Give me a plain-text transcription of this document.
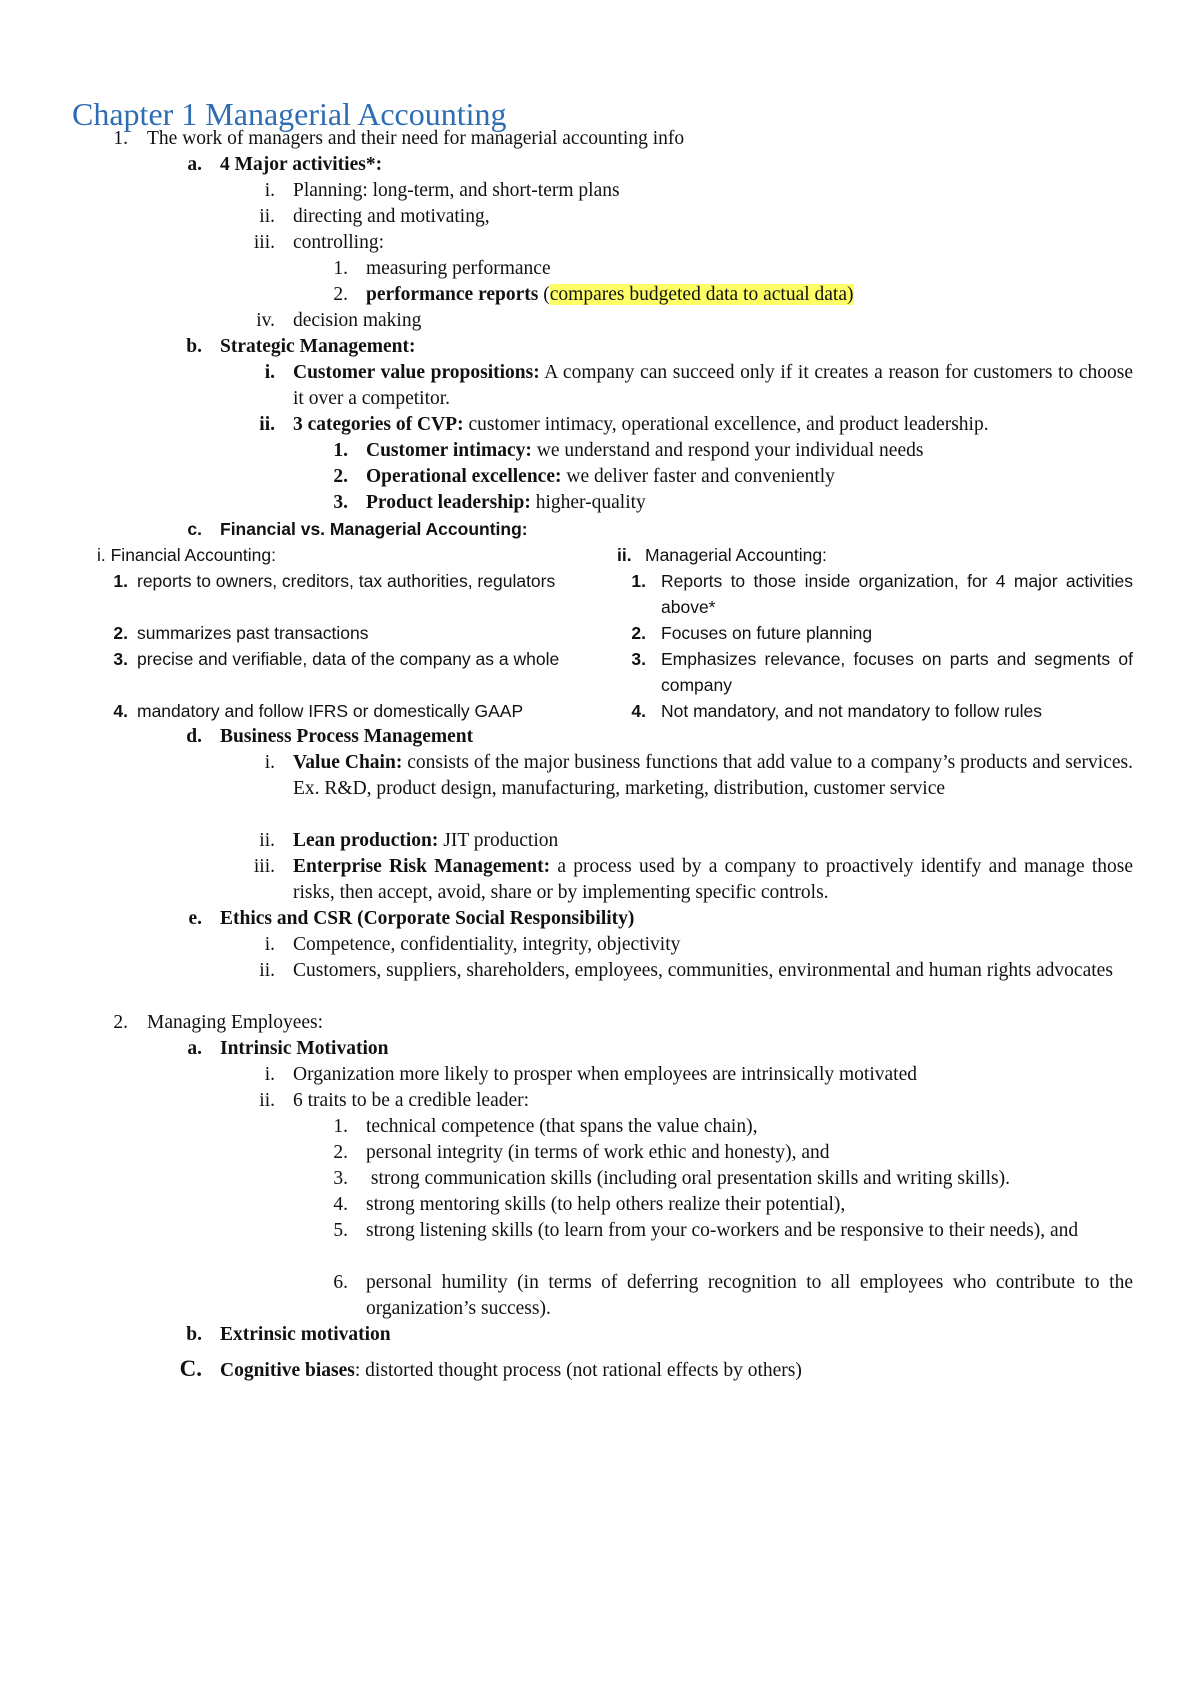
Chapter 1 Managerial Accounting
1. The work of managers and their need for managerial accounting info
a. 4 Major activities*:
i. Planning: long-term, and short-term plans
ii. directing and motivating,
iii. controlling:
1. measuring performance
2. performance reports (compares budgeted data to actual data)
iv. decision making
b. Strategic Management:
i. Customer value propositions: A company can succeed only if it creates a reason for customers to choose it over a competitor.
ii. 3 categories of CVP: customer intimacy, operational excellence, and product leadership.
1. Customer intimacy: we understand and respond your individual needs
2. Operational excellence: we deliver faster and conveniently
3. Product leadership: higher-quality
c. Financial vs. Managerial Accounting:
i. Financial Accounting:
1. reports to owners, creditors, tax authorities, regulators
2. summarizes past transactions
3. precise and verifiable, data of the company as a whole
4. mandatory and follow IFRS or domestically GAAP
ii. Managerial Accounting:
1. Reports to those inside organization, for 4 major activities above*
2. Focuses on future planning
3. Emphasizes relevance, focuses on parts and segments of company
4. Not mandatory, and not mandatory to follow rules
d. Business Process Management
i. Value Chain: consists of the major business functions that add value to a company’s products and services. Ex. R&D, product design, manufacturing, marketing, distribution, customer service
ii. Lean production: JIT production
iii. Enterprise Risk Management: a process used by a company to proactively identify and manage those risks, then accept, avoid, share or by implementing specific controls.
e. Ethics and CSR (Corporate Social Responsibility)
i. Competence, confidentiality, integrity, objectivity
ii. Customers, suppliers, shareholders, employees, communities, environmental and human rights advocates
2. Managing Employees:
a. Intrinsic Motivation
i. Organization more likely to prosper when employees are intrinsically motivated
ii. 6 traits to be a credible leader:
1. technical competence (that spans the value chain),
2. personal integrity (in terms of work ethic and honesty), and
3. strong communication skills (including oral presentation skills and writing skills).
4. strong mentoring skills (to help others realize their potential),
5. strong listening skills (to learn from your co-workers and be responsive to their needs), and
6. personal humility (in terms of deferring recognition to all employees who contribute to the organization’s success).
b. Extrinsic motivation
C. Cognitive biases: distorted thought process (not rational effects by others)
